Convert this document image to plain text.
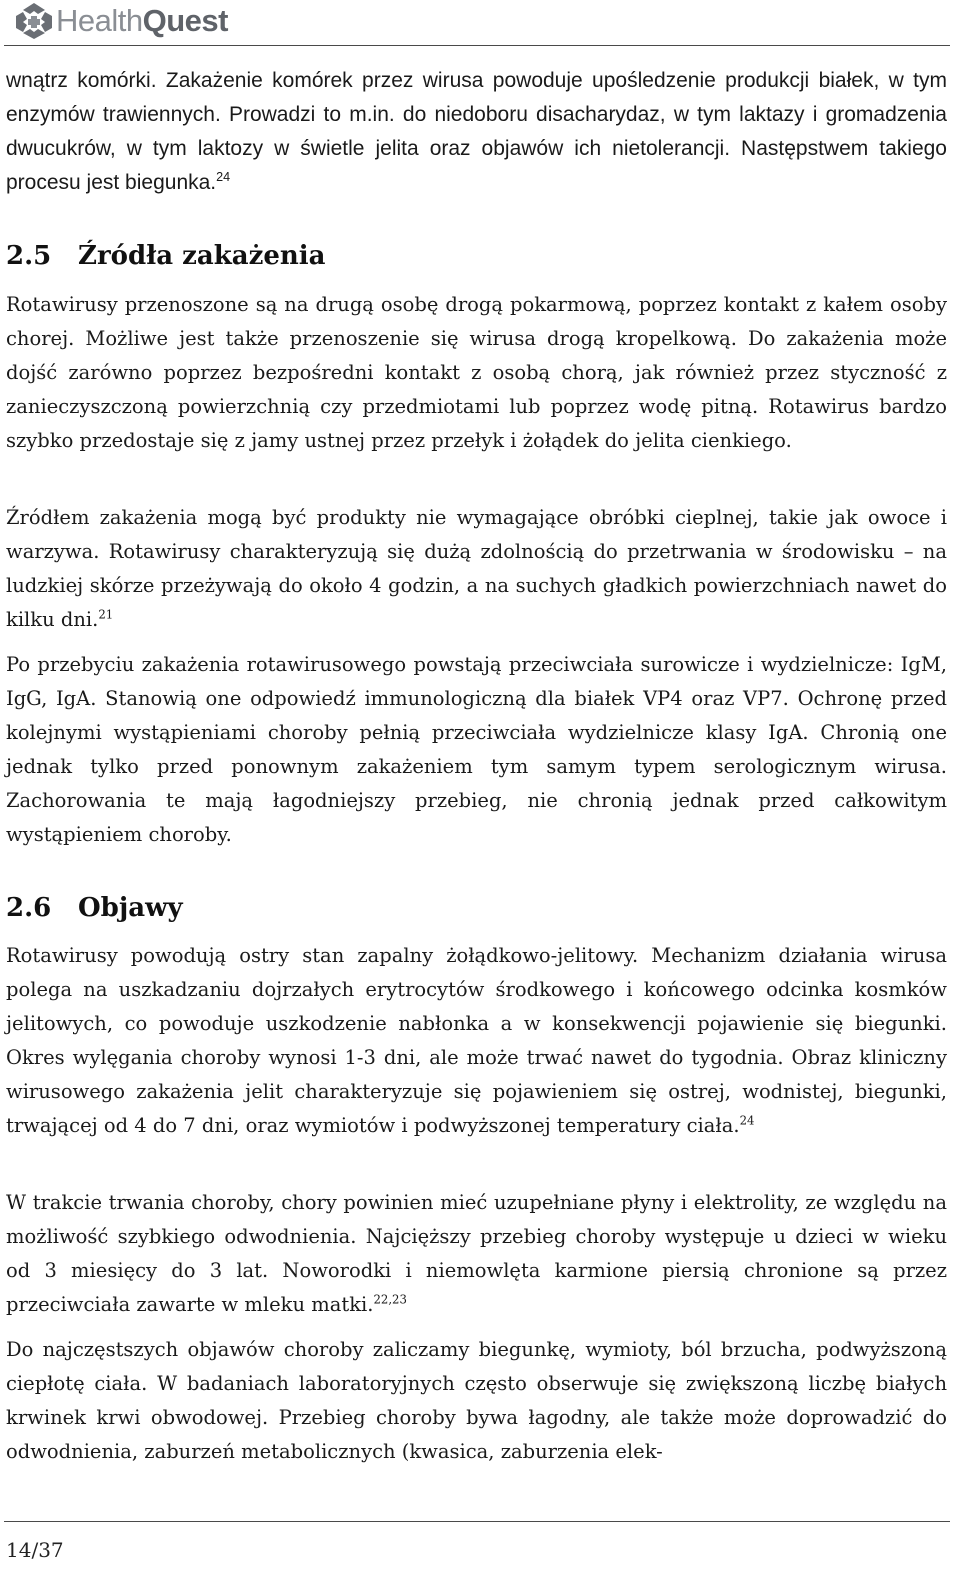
HealthQuest

wnątrz komórki. Zakażenie komórek przez wirusa powoduje upośledzenie produkcji białek, w tym enzymów trawiennych. Prowadzi to m.in. do niedoboru disacharydaz, w tym laktazy i gromadzenia dwucukrów, w tym laktozy w świetle jelita oraz objawów ich nietolerancji. Następstwem takiego procesu jest biegunka.$^{24}$

2.5 Źródła zakażenia

Rotawirusy przenoszone są na drugą osobę drogą pokarmową, poprzez kontakt z kałem osoby chorej. Możliwe jest także przenoszenie się wirusa drogą kropelkową. Do zakażenia może dojść zarówno poprzez bezpośredni kontakt z osobą chorą, jak również przez styczność z zanieczyszczoną powierzchnią czy przedmiotami lub poprzez wodę pitną. Rotawirus bardzo szybko przedostaje się z jamy ustnej przez przełyk i żołądek do jelita cienkiego.

Źródłem zakażenia mogą być produkty nie wymagające obróbki cieplnej, takie jak owoce i warzywa. Rotawirusy charakteryzują się dużą zdolnością do przetrwania w środowisku – na ludzkiej skórze przeżywają do około 4 godzin, a na suchych gładkich powierzchniach nawet do kilku dni.$^{21}$

Po przebyciu zakażenia rotawirusowego powstają przeciwciała surowicze i wydzielnicze: IgM, IgG, IgA. Stanowią one odpowiedź immunologiczną dla białek VP4 oraz VP7. Ochronę przed kolejnymi wystąpieniami choroby pełnią przeciwciała wydzielnicze klasy IgA. Chronią one jednak tylko przed ponownym zakażeniem tym samym typem serologicznym wirusa. Zachorowania te mają łagodniejszy przebieg, nie chronią jednak przed całkowitym wystąpieniem choroby.

2.6 Objawy

Rotawirusy powodują ostry stan zapalny żołądkowo-jelitowy. Mechanizm działania wirusa polega na uszkadzaniu dojrzałych erytrocytów środkowego i końcowego odcinka kosmków jelitowych, co powoduje uszkodzenie nabłonka a w konsekwencji pojawienie się biegunki. Okres wylęgania choroby wynosi 1-3 dni, ale może trwać nawet do tygodnia. Obraz kliniczny wirusowego zakażenia jelit charakteryzuje się pojawieniem się ostrej, wodnistej, biegunki, trwającej od 4 do 7 dni, oraz wymiotów i podwyższonej temperatury ciała.$^{24}$

W trakcie trwania choroby, chory powinien mieć uzupełniane płyny i elektrolity, ze względu na możliwość szybkiego odwodnienia. Najcięższy przebieg choroby występuje u dzieci w wieku od 3 miesięcy do 3 lat. Noworodki i niemowlęta karmione piersią chronione są przez przeciwciała zawarte w mleku matki.$^{22,23}$

Do najczęstszych objawów choroby zaliczamy biegunkę, wymioty, ból brzucha, podwyższoną ciepłotę ciała. W badaniach laboratoryjnych często obserwuje się zwiększoną liczbę białych krwinek krwi obwodowej. Przebieg choroby bywa łagodny, ale także może doprowadzić do odwodnienia, zaburzeń metabolicznych (kwasica, zaburzenia elek-

14/37
